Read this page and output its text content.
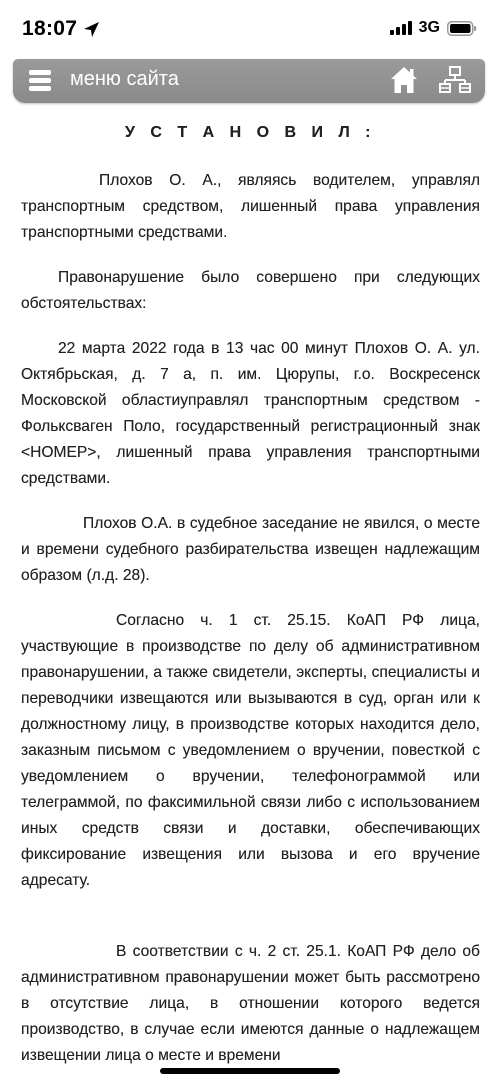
18:07	3G
меню сайта
У С Т А Н О В И Л :

Плохов О. А., являясь водителем, управлял транспортным средством, лишенный права управления транспортными средствами.

Правонарушение было совершено при следующих обстоятельствах:

22 марта 2022 года в 13 час 00 минут Плохов О. А. ул. Октябрьская, д. 7 а, п. им. Цюрупы, г.о. Воскресенск Московской областиуправлял транспортным средством - Фольксваген Поло, государственный регистрационный знак <НОМЕР>, лишенный права управления транспортными средствами.

Плохов О.А. в судебное заседание не явился, о месте и времени судебного разбирательства извещен надлежащим образом (л.д. 28).

Согласно ч. 1 ст. 25.15. КоАП РФ лица, участвующие в производстве по делу об административном правонарушении, а также свидетели, эксперты, специалисты и переводчики извещаются или вызываются в суд, орган или к должностному лицу, в производстве которых находится дело, заказным письмом с уведомлением о вручении, повесткой с уведомлением о вручении, телефонограммой или телеграммой, по факсимильной связи либо с использованием иных средств связи и доставки, обеспечивающих фиксирование извещения или вызова и его вручение адресату.

В соответствии с ч. 2 ст. 25.1. КоАП РФ дело об административном правонарушении может быть рассмотрено в отсутствие лица, в отношении которого ведется производство, в случае если имеются данные о надлежащем извещении лица о месте и времени
